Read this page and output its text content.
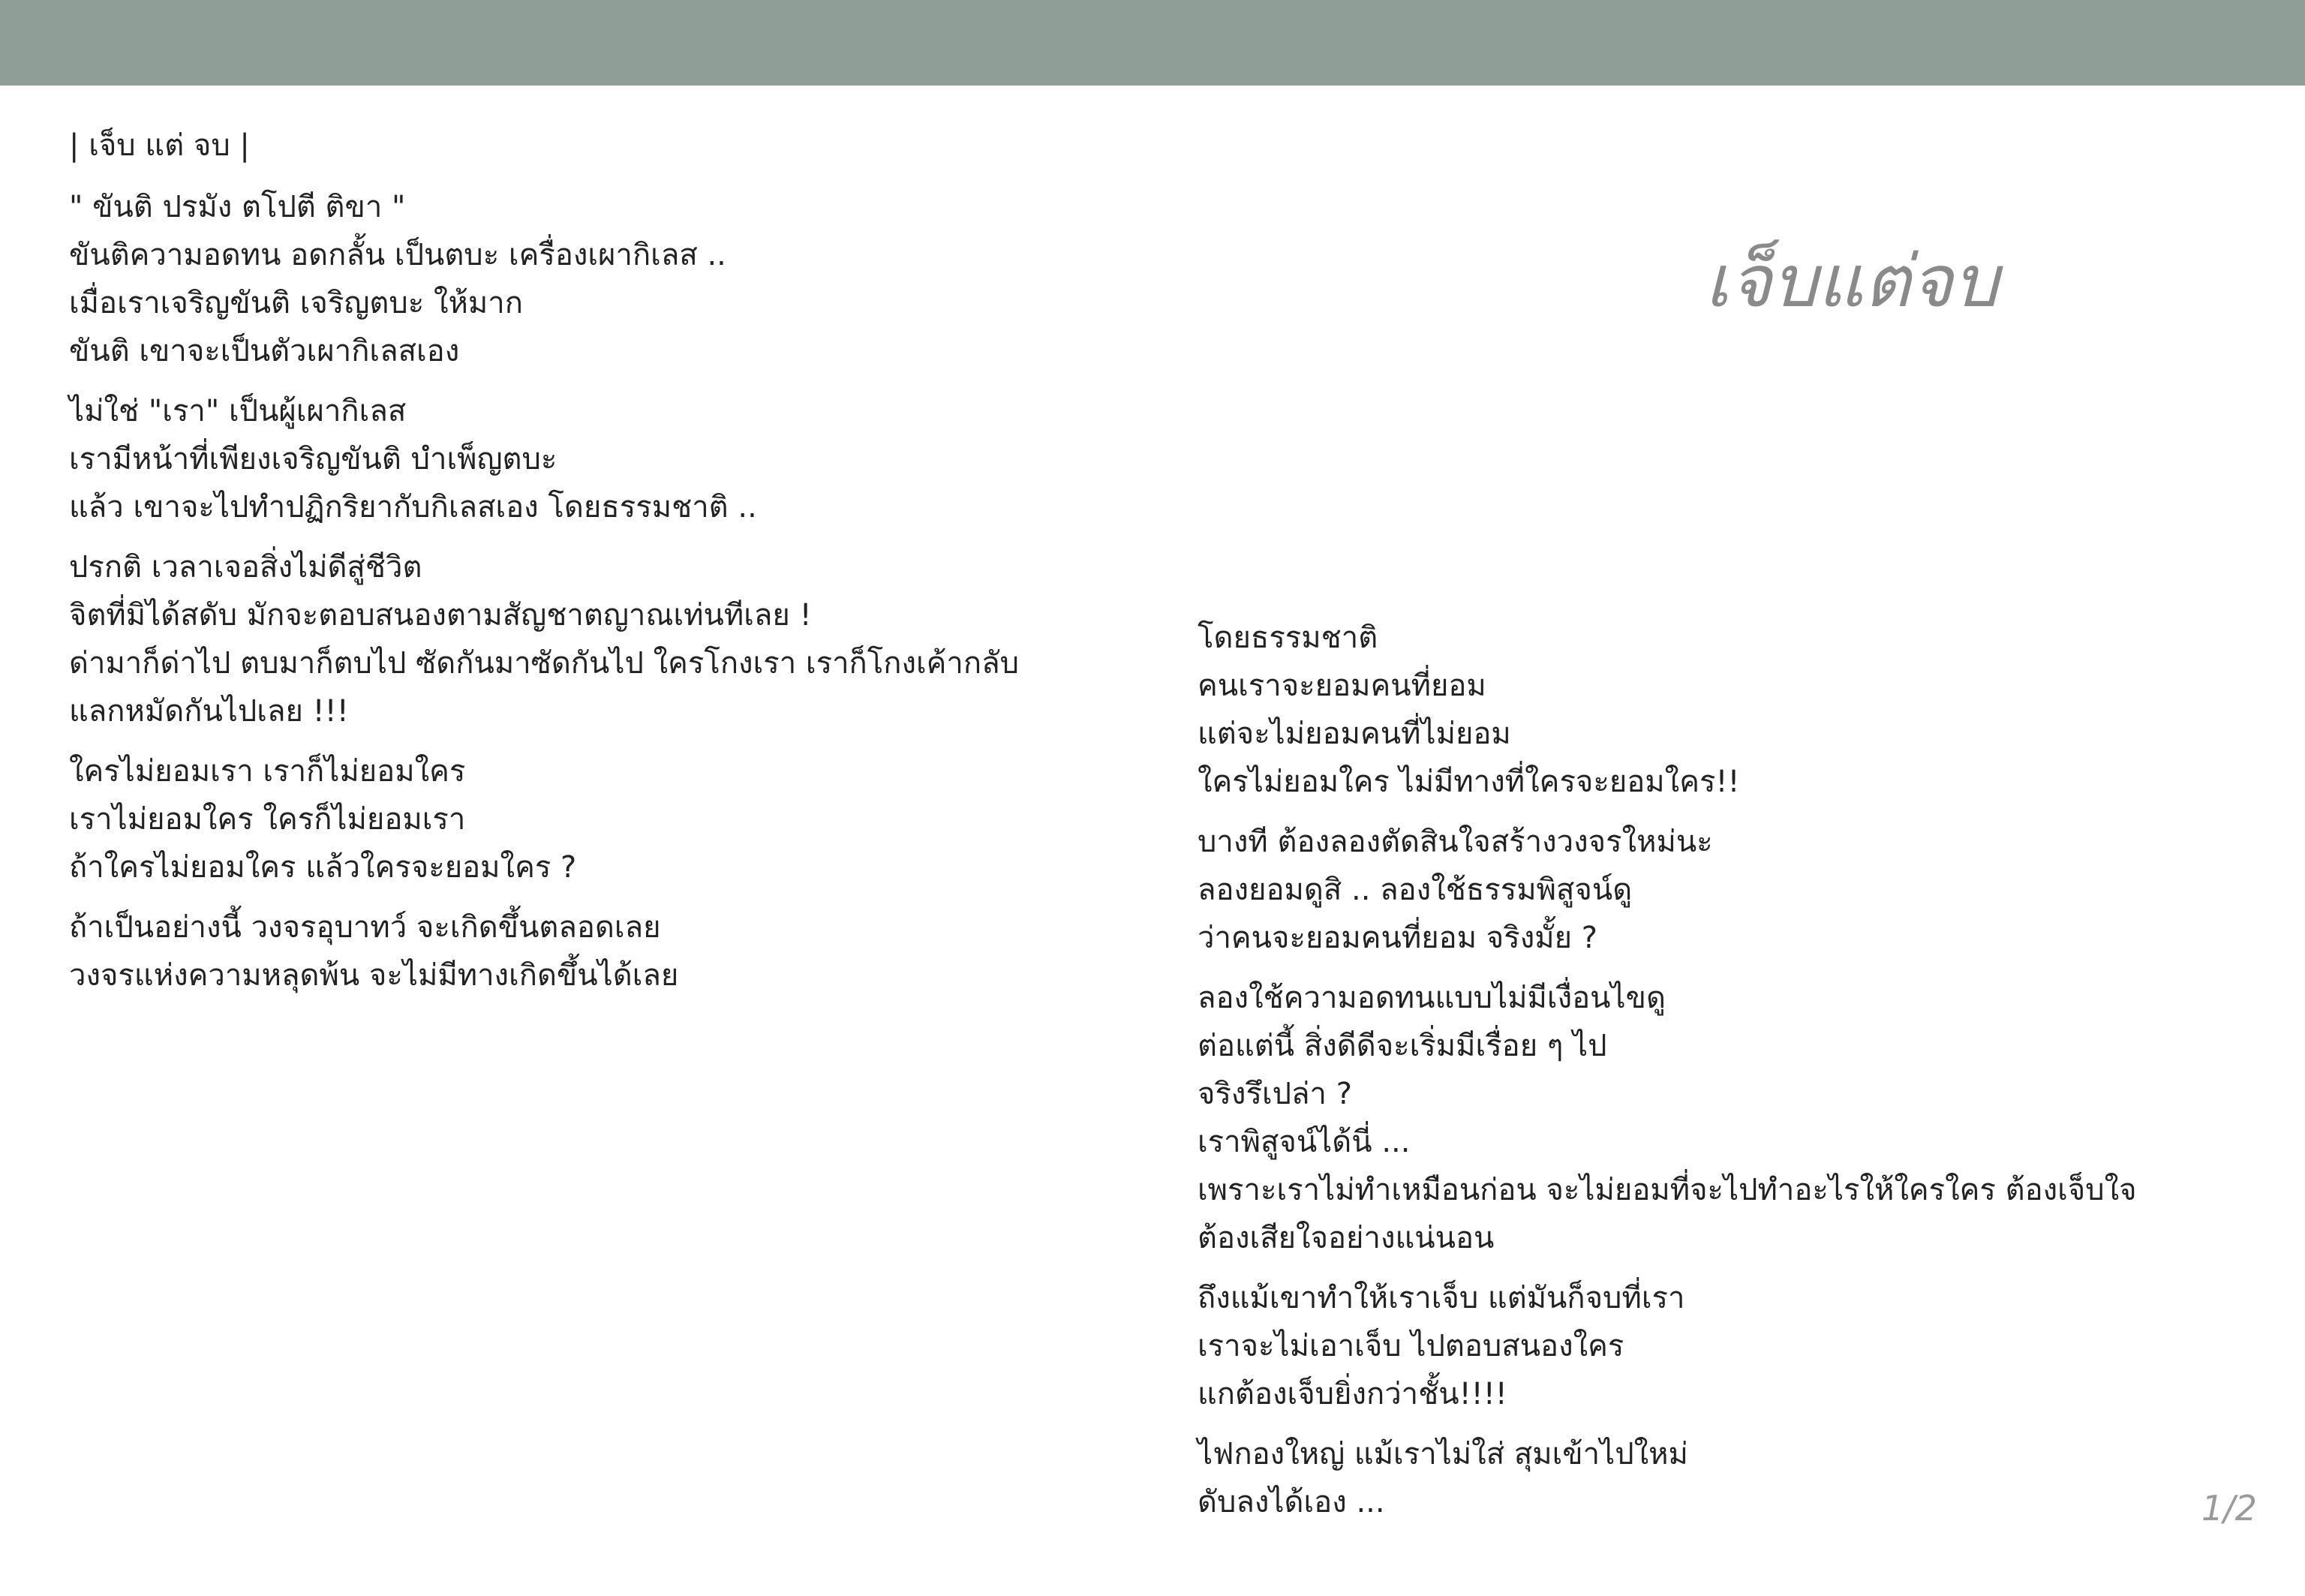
| เจ็บ แต่ จบ |

" ขันติ ปรมัง ตโปตี ติขา "
ขันติความอดทน อดกลั้น เป็นตบะ เครื่องเผากิเลส ..
เมื่อเราเจริญขันติ เจริญตบะ ให้มาก
ขันติ เขาจะเป็นตัวเผากิเลสเอง

ไม่ใช่ "เรา" เป็นผู้เผากิเลส
เรามีหน้าที่เพียงเจริญขันติ บำเพ็ญตบะ
แล้ว เขาจะไปทำปฏิกริยากับกิเลสเอง โดยธรรมชาติ ..

ปรกติ เวลาเจอสิ่งไม่ดีสู่ชีวิต
จิตที่มิได้สดับ มักจะตอบสนองตามสัญชาตญาณเท่นทีเลย !
ด่ามาก็ด่าไป ตบมาก็ตบไป ซัดกันมาซัดกันไป ใครโกงเรา เราก็โกงเค้ากลับ
แลกหมัดกันไปเลย !!!

ใครไม่ยอมเรา เราก็ไม่ยอมใคร
เราไม่ยอมใคร ใครก็ไม่ยอมเรา
ถ้าใครไม่ยอมใคร แล้วใครจะยอมใคร ?

ถ้าเป็นอย่างนี้ วงจรอุบาทว์ จะเกิดขึ้นตลอดเลย
วงจรแห่งความหลุดพ้น จะไม่มีทางเกิดขึ้นได้เลย

เจ็บแต่จบ

โดยธรรมชาติ
คนเราจะยอมคนที่ยอม
แต่จะไม่ยอมคนที่ไม่ยอม
ใครไม่ยอมใคร ไม่มีทางที่ใครจะยอมใคร!!

บางที ต้องลองตัดสินใจสร้างวงจรใหม่นะ
ลองยอมดูสิ .. ลองใช้ธรรมพิสูจน์ดู
ว่าคนจะยอมคนที่ยอม จริงมั้ย ?

ลองใช้ความอดทนแบบไม่มีเงื่อนไขดู
ต่อแต่นี้ สิ่งดีดีจะเริ่มมีเรื่อย ๆ ไป
จริงรึเปล่า ?
เราพิสูจน์ได้นี่ ...
เพราะเราไม่ทำเหมือนก่อน จะไม่ยอมที่จะไปทำอะไรให้ใครใคร ต้องเจ็บใจ
ต้องเสียใจอย่างแน่นอน

ถึงแม้เขาทำให้เราเจ็บ แต่มันก็จบที่เรา
เราจะไม่เอาเจ็บ ไปตอบสนองใคร
แกต้องเจ็บยิ่งกว่าชั้น!!!!

ไฟกองใหญ่ แม้เราไม่ใส่ สุมเข้าไปใหม่
ดับลงได้เอง ...	1/2
